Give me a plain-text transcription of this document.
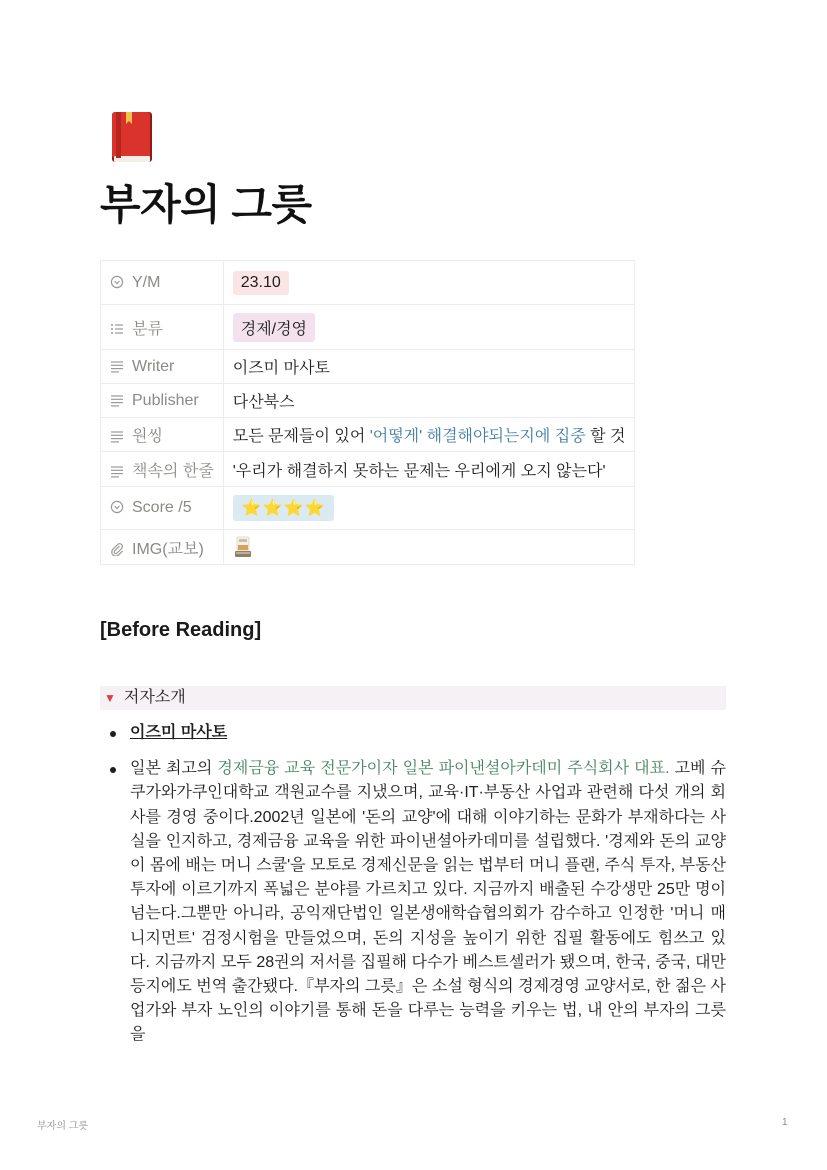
부자의 그릇
Y/M	23.10
분류	경제/경영
Writer	이즈미 마사토
Publisher	다산북스
원씽	모든 문제들이 있어 '어떻게' 해결해야되는지에 집중 할 것
책속의 한줄	'우리가 해결하지 못하는 문제는 우리에게 오지 않는다'
Score /5	⭐⭐⭐⭐
IMG(교보)	
[Before Reading]
▼ 저자소개
이즈미 마사토
일본 최고의 경제금융 교육 전문가이자 일본 파이낸셜아카데미 주식회사 대표. 고베 슈쿠가와가쿠인대학교 객원교수를 지냈으며, 교육·IT·부동산 사업과 관련해 다섯 개의 회사를 경영 중이다.2002년 일본에 '돈의 교양'에 대해 이야기하는 문화가 부재하다는 사실을 인지하고, 경제금융 교육을 위한 파이낸셜아카데미를 설립했다. '경제와 돈의 교양이 몸에 배는 머니 스쿨'을 모토로 경제신문을 읽는 법부터 머니 플랜, 주식 투자, 부동산 투자에 이르기까지 폭넓은 분야를 가르치고 있다. 지금까지 배출된 수강생만 25만 명이 넘는다.그뿐만 아니라, 공익재단법인 일본생애학습협의회가 감수하고 인정한 '머니 매니지먼트' 검정시험을 만들었으며, 돈의 지성을 높이기 위한 집필 활동에도 힘쓰고 있다. 지금까지 모두 28권의 저서를 집필해 다수가 베스트셀러가 됐으며, 한국, 중국, 대만 등지에도 번역 출간됐다.『부자의 그릇』은 소설 형식의 경제경영 교양서로, 한 젊은 사업가와 부자 노인의 이야기를 통해 돈을 다루는 능력을 키우는 법, 내 안의 부자의 그릇을
부자의 그릇	1
